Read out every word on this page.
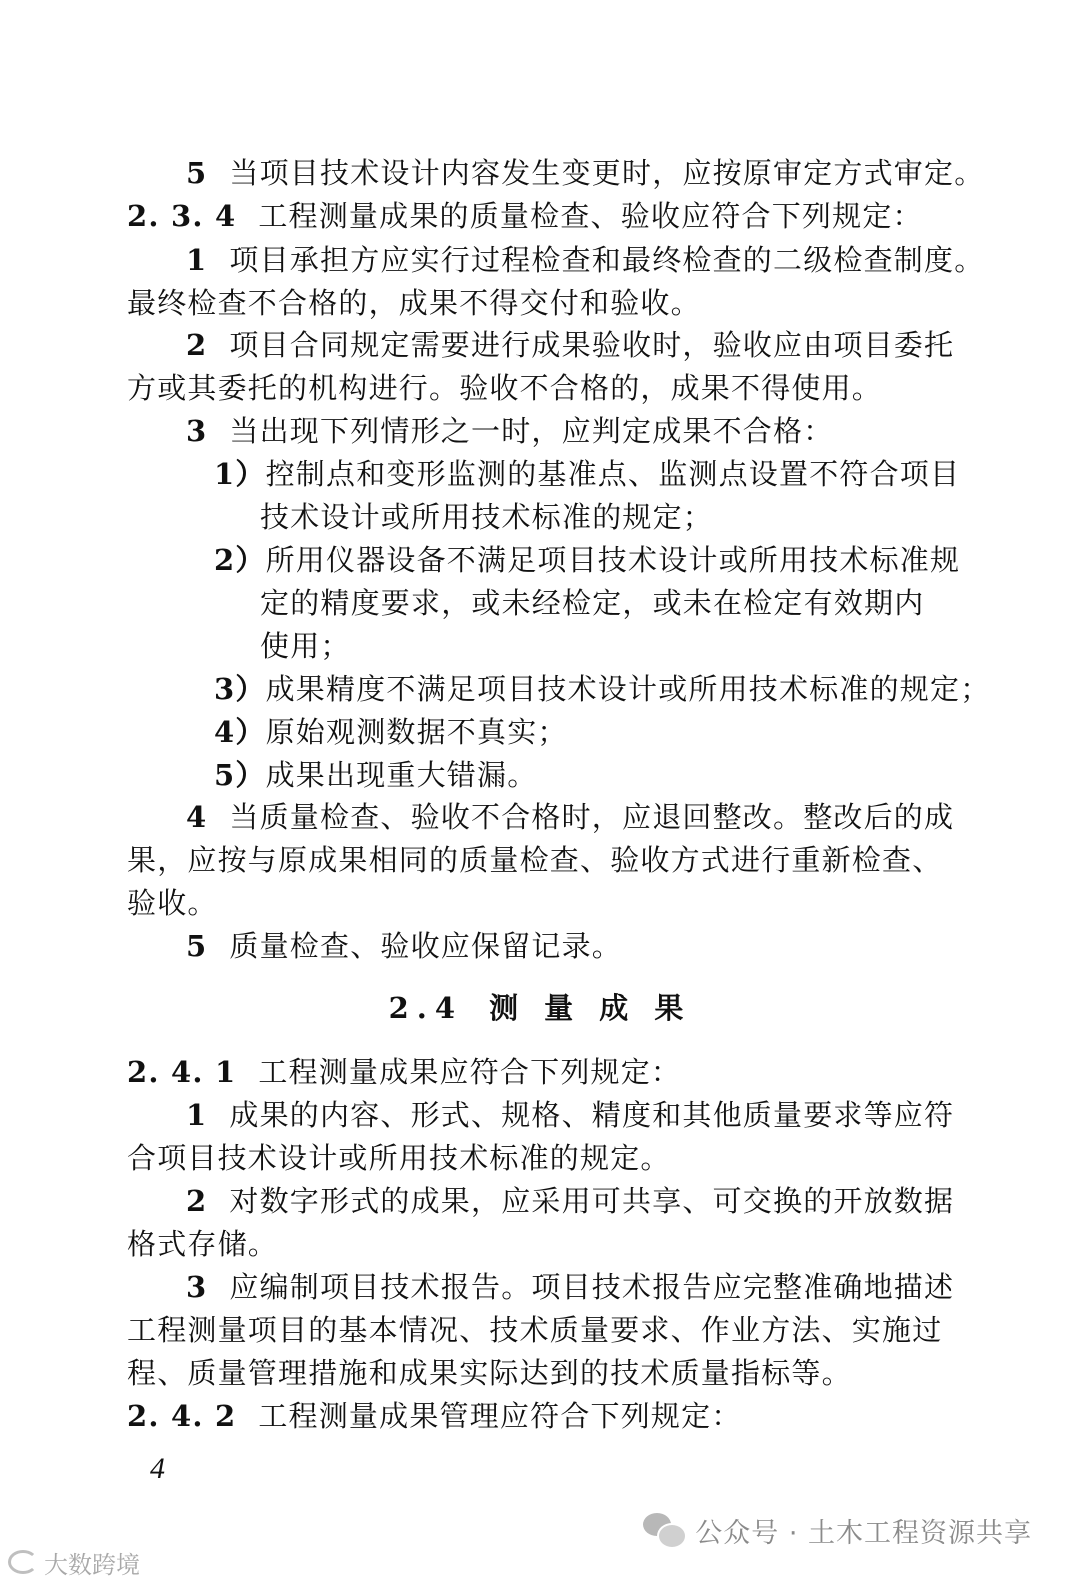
5 当项目技术设计内容发生变更时，应按原审定方式审定。
2. 3. 4 工程测量成果的质量检查、验收应符合下列规定：
1 项目承担方应实行过程检查和最终检查的二级检查制度。
最终检查不合格的，成果不得交付和验收。
2 项目合同规定需要进行成果验收时，验收应由项目委托
方或其委托的机构进行。验收不合格的，成果不得使用。
3 当出现下列情形之一时，应判定成果不合格：
1）控制点和变形监测的基准点、监测点设置不符合项目
技术设计或所用技术标准的规定；
2）所用仪器设备不满足项目技术设计或所用技术标准规
定的精度要求，或未经检定，或未在检定有效期内
使用；
3）成果精度不满足项目技术设计或所用技术标准的规定；
4）原始观测数据不真实；
5）成果出现重大错漏。
4 当质量检查、验收不合格时，应退回整改。整改后的成
果，应按与原成果相同的质量检查、验收方式进行重新检查、
验收。
5 质量检查、验收应保留记录。
2.4 测 量 成 果
2. 4. 1 工程测量成果应符合下列规定：
1 成果的内容、形式、规格、精度和其他质量要求等应符
合项目技术设计或所用技术标准的规定。
2 对数字形式的成果，应采用可共享、可交换的开放数据
格式存储。
3 应编制项目技术报告。项目技术报告应完整准确地描述
工程测量项目的基本情况、技术质量要求、作业方法、实施过
程、质量管理措施和成果实际达到的技术质量指标等。
2. 4. 2 工程测量成果管理应符合下列规定：
4
公众号 · 土木工程资源共享
大数跨境
